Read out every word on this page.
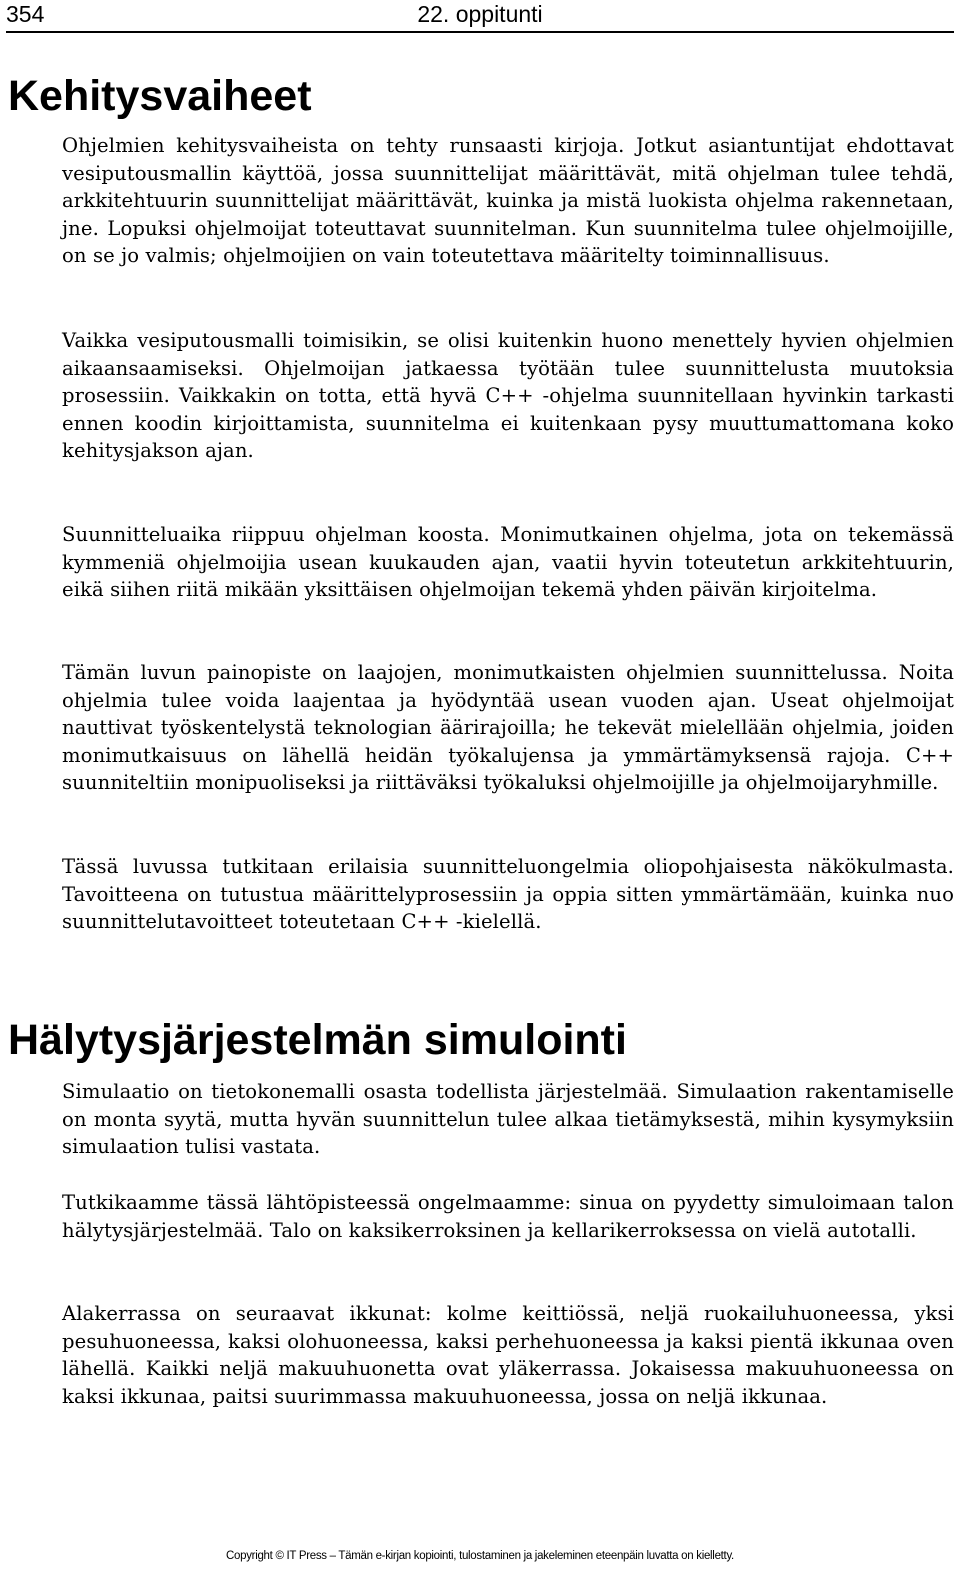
354	22. oppitunti
Kehitysvaiheet

Ohjelmien kehitysvaiheista on tehty runsaasti kirjoja. Jotkut asiantuntijat ehdottavat vesiputousmallin käyttöä, jossa suunnittelijat määrittävät, mitä ohjelman tulee tehdä, arkkitehtuurin suunnittelijat määrittävät, kuinka ja mistä luokista ohjelma rakennetaan, jne. Lopuksi ohjelmoijat toteuttavat suunnitelman. Kun suunnitelma tulee ohjelmoijille, on se jo valmis; ohjelmoijien on vain toteutettava määritelty toiminnallisuus.

Vaikka vesiputousmalli toimisikin, se olisi kuitenkin huono menettely hyvien ohjelmien aikaansaamiseksi. Ohjelmoijan jatkaessa työtään tulee suunnittelusta muutoksia prosessiin. Vaikkakin on totta, että hyvä C++ -ohjelma suunnitellaan hyvinkin tarkasti ennen koodin kirjoittamista, suunnitelma ei kuitenkaan pysy muuttumattomana koko kehitysjakson ajan.

Suunnitteluaika riippuu ohjelman koosta. Monimutkainen ohjelma, jota on tekemässä kymmeniä ohjelmoijia usean kuukauden ajan, vaatii hyvin toteutetun arkkitehtuurin, eikä siihen riitä mikään yksittäisen ohjelmoijan tekemä yhden päivän kirjoitelma.

Tämän luvun painopiste on laajojen, monimutkaisten ohjelmien suunnittelussa. Noita ohjelmia tulee voida laajentaa ja hyödyntää usean vuoden ajan. Useat ohjelmoijat nauttivat työskentelystä teknologian äärirajoilla; he tekevät mielellään ohjelmia, joiden monimutkaisuus on lähellä heidän työkalujensa ja ymmärtämyksensä rajoja. C++ suunniteltiin monipuoliseksi ja riittäväksi työkaluksi ohjelmoijille ja ohjelmoijaryhmille.

Tässä luvussa tutkitaan erilaisia suunnitteluongelmia oliopohjaisesta näkökulmasta. Tavoitteena on tutustua määrittelyprosessiin ja oppia sitten ymmärtämään, kuinka nuo suunnittelutavoitteet toteutetaan C++ -kielellä.

Hälytysjärjestelmän simulointi

Simulaatio on tietokonemalli osasta todellista järjestelmää. Simulaation rakentamiselle on monta syytä, mutta hyvän suunnittelun tulee alkaa tietämyksestä, mihin kysymyksiin simulaation tulisi vastata.

Tutkikaamme tässä lähtöpisteessä ongelmaamme: sinua on pyydetty simuloimaan talon hälytysjärjestelmää. Talo on kaksikerroksinen ja kellarikerroksessa on vielä autotalli.

Alakerrassa on seuraavat ikkunat: kolme keittiössä, neljä ruokailuhuoneessa, yksi pesuhuoneessa, kaksi olohuoneessa, kaksi perhehuoneessa ja kaksi pientä ikkunaa oven lähellä. Kaikki neljä makuuhuonetta ovat yläkerrassa. Jokaisessa makuuhuoneessa on kaksi ikkunaa, paitsi suurimmassa makuuhuoneessa, jossa on neljä ikkunaa.

Copyright © IT Press – Tämän e-kirjan kopiointi, tulostaminen ja jakeleminen eteenpäin luvatta on kielletty.
